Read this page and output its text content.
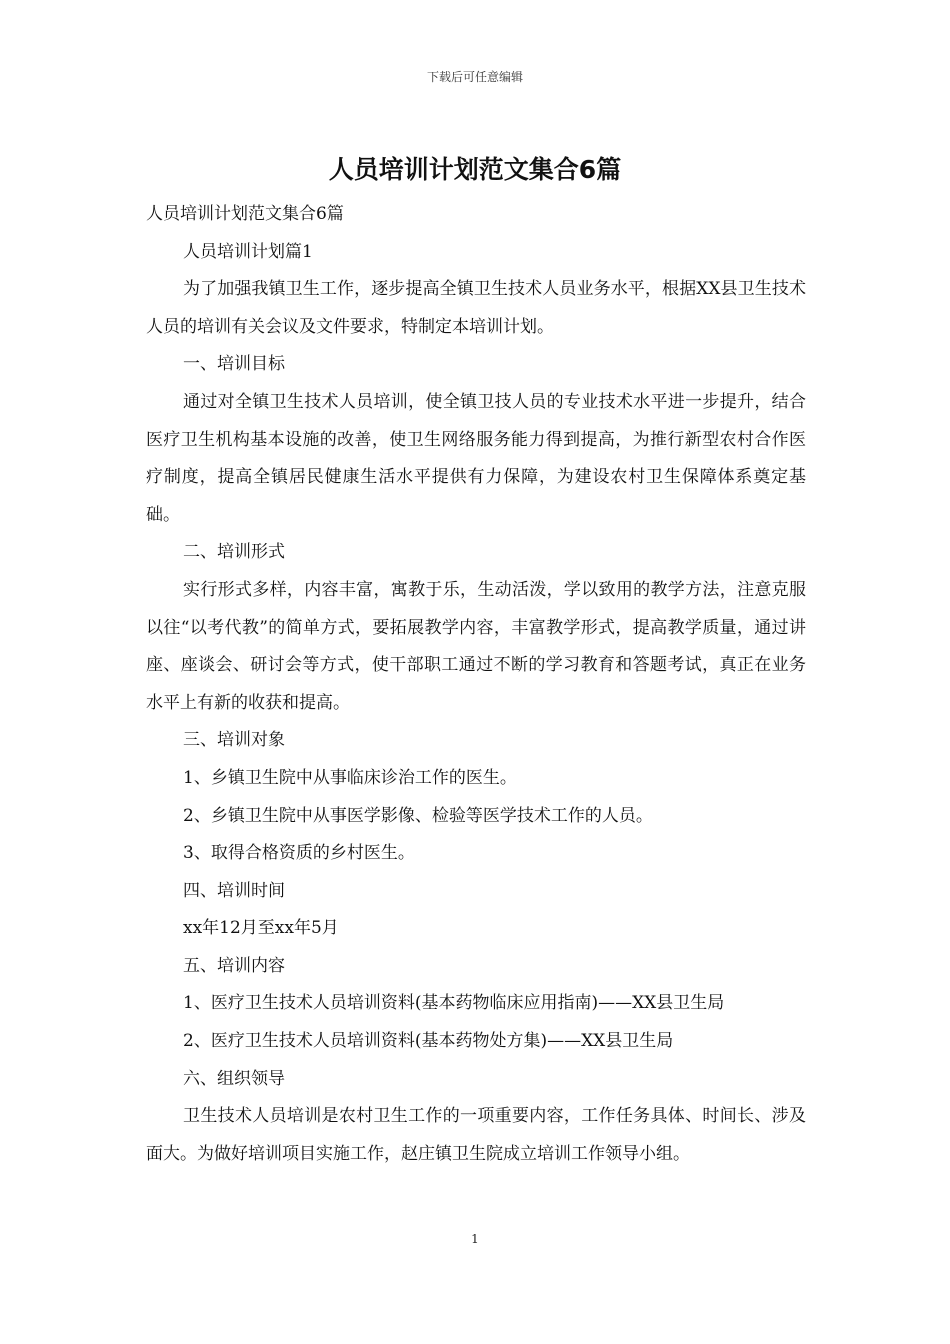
下载后可任意编辑
人员培训计划范文集合6篇

人员培训计划范文集合6篇

人员培训计划篇1

为了加强我镇卫生工作，逐步提高全镇卫生技术人员业务水平，根据XX县卫生技术人员的培训有关会议及文件要求，特制定本培训计划。

一、培训目标

通过对全镇卫生技术人员培训，使全镇卫技人员的专业技术水平进一步提升，结合医疗卫生机构基本设施的改善，使卫生网络服务能力得到提高，为推行新型农村合作医疗制度，提高全镇居民健康生活水平提供有力保障，为建设农村卫生保障体系奠定基础。

二、培训形式

实行形式多样，内容丰富，寓教于乐，生动活泼，学以致用的教学方法，注意克服以往“以考代教”的简单方式，要拓展教学内容，丰富教学形式，提高教学质量，通过讲座、座谈会、研讨会等方式，使干部职工通过不断的学习教育和答题考试，真正在业务水平上有新的收获和提高。

三、培训对象

1、乡镇卫生院中从事临床诊治工作的医生。

2、乡镇卫生院中从事医学影像、检验等医学技术工作的人员。

3、取得合格资质的乡村医生。

四、培训时间

xx年12月至xx年5月

五、培训内容

1、医疗卫生技术人员培训资料(基本药物临床应用指南)——XX县卫生局

2、医疗卫生技术人员培训资料(基本药物处方集)——XX县卫生局

六、组织领导

卫生技术人员培训是农村卫生工作的一项重要内容，工作任务具体、时间长、涉及面大。为做好培训项目实施工作，赵庄镇卫生院成立培训工作领导小组。

1
